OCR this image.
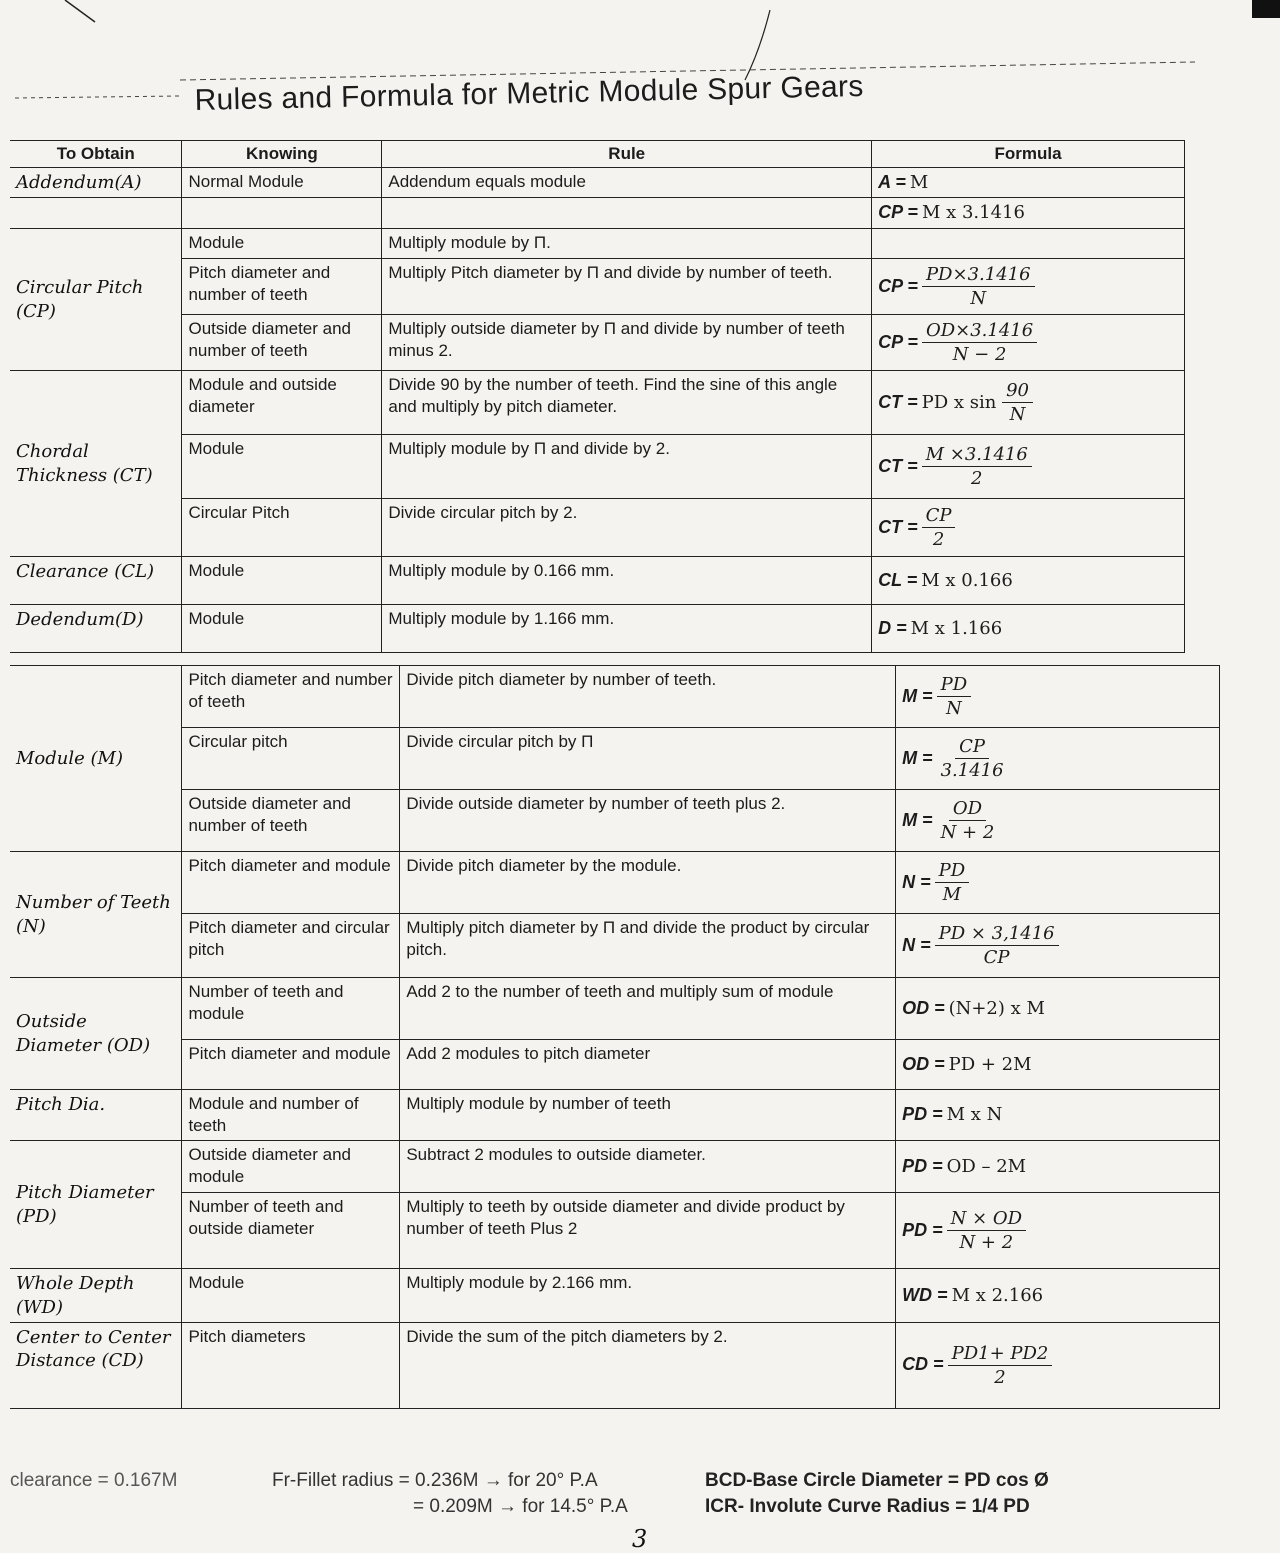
Rules and Formula for Metric Module Spur Gears
To Obtain	Knowing	Rule	Formula
Addendum(A)	Normal Module	Addendum equals module	A = M
			CP = M x 3.1416
Circular Pitch (CP)	Module	Multiply module by Π.	
	Pitch diameter and number of teeth	Multiply Pitch diameter by Π and divide by number of teeth.	CP = $\frac{PD\times 3.1416}{N}$

	Outside diameter and number of teeth	Multiply outside diameter by Π and divide by number of teeth minus 2.	CP = $\frac{OD\times 3.1416}{N - 2}$

Chordal Thickness (CT)	Module and outside diameter	Divide 90 by the number of teeth. Find the sine of this angle and multiply by pitch diameter.	CT = PD x $\sin \frac{90}{N}$

	Module	Multiply module by Π and divide by 2.	CT = $\frac{M \times 3.1416}{2}$

	Circular Pitch	Divide circular pitch by 2.	CT = $\frac{CP}{2}$

Clearance (CL)	Module	Multiply module by 0.166 mm.	CL = M x 0.166
Dedendum(D)	Module	Multiply module by 1.166 mm.	D = M x 1.166
Module (M)	Pitch diameter and number of teeth	Divide pitch diameter by number of teeth.	$M = \frac{PD}{N}$

	Circular pitch	Divide circular pitch by Π	$M = \frac{CP}{3.1416}$

	Outside diameter and number of teeth	Divide outside diameter by number of teeth plus 2.	$M = \frac{OD}{N + 2}$

Number of Teeth (N)	Pitch diameter and module	Divide pitch diameter by the module.	$N = \frac{PD}{M}$

	Pitch diameter and circular pitch	Multiply pitch diameter by Π and divide the product by circular pitch.	$N = \frac{PD \times 3,1416}{CP}$

Outside Diameter (OD)	Number of teeth and module	Add 2 to the number of teeth and multiply sum of module	OD = (N+2) x M
	Pitch diameter and module	Add 2 modules to pitch diameter	OD = PD + 2M
Pitch Dia.	Module and number of teeth	Multiply module by number of teeth	PD = M x N
Pitch Diameter (PD)	Outside diameter and module	Subtract 2 modules to outside diameter.	PD = OD – 2M
	Number of teeth and outside diameter	Multiply to teeth by outside diameter and divide product by number of teeth Plus 2	PD = $\frac{N \times OD}{N + 2}$

Whole Depth (WD)	Module	Multiply module by 2.166 mm.	WD = M x 2.166
Center to Center Distance (CD)	Pitch diameters	Divide the sum of the pitch diameters by 2.	CD = $\frac{PD1+ PD2}{2}$
clearance = 0.167M	Fr-Fillet radius = 0.236M → for 20° P.A
= 0.209M → for 14.5° P.A
BCD-Base Circle Diameter = PD cos Ø
ICR- Involute Curve Radius = 1/4 PD
3
